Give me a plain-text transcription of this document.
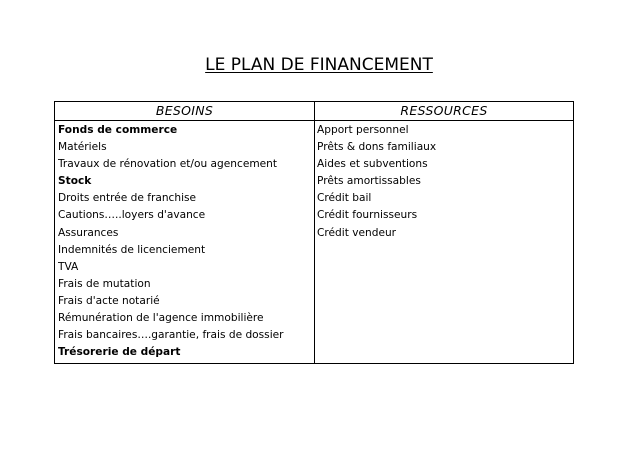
LE PLAN DE FINANCEMENT
BESOINS	RESSOURCES
Fonds de commerce
Matériels
Travaux de rénovation et/ou agencement
Stock
Droits entrée de franchise
Cautions…..loyers d'avance
Assurances
Indemnités de licenciement
TVA
Frais de mutation
Frais d'acte notarié
Rémunération de l'agence immobilière
Frais bancaires….garantie, frais de dossier
Trésorerie de départ
Apport personnel
Prêts & dons familiaux
Aides et subventions
Prêts amortissables
Crédit bail
Crédit fournisseurs
Crédit vendeur
